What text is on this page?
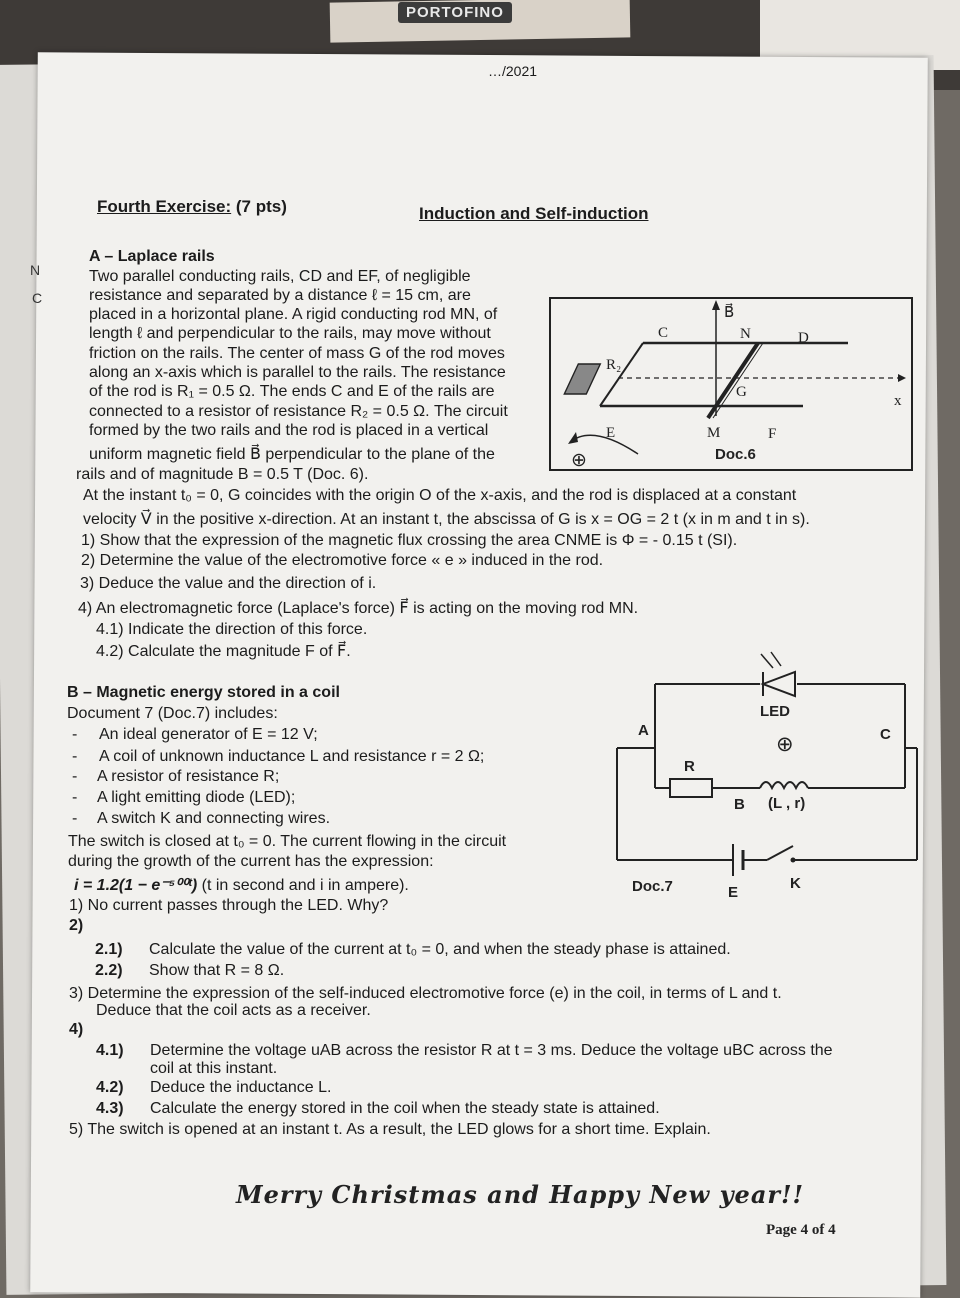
PORTOFINO
…/2021
N
C
Fourth Exercise: (7 pts)	Induction and Self-induction
A – Laplace rails
Two parallel conducting rails, CD and EF, of negligible
resistance and separated by a distance ℓ = 15 cm, are
placed in a horizontal plane. A rigid conducting rod MN, of
length ℓ and perpendicular to the rails, may move without
friction on the rails. The center of mass G of the rod moves
along an x-axis which is parallel to the rails. The resistance
of the rod is R₁ = 0.5 Ω. The ends C and E of the rails are
connected to a resistor of resistance R₂ = 0.5 Ω. The circuit
formed by the two rails and the rod is placed in a vertical
uniform magnetic field B⃗ perpendicular to the plane of the
rails and of magnitude B = 0.5 T (Doc. 6).
At the instant t₀ = 0, G coincides with the origin O of the x-axis, and the rod is displaced at a constant
velocity V⃗ in the positive x-direction. At an instant t, the abscissa of G is x = OG = 2 t (x in m and t in s).
1) Show that the expression of the magnetic flux crossing the area CNME is Φ = - 0.15 t (SI).
2) Determine the value of the electromotive force « e » induced in the rod.
3) Deduce the value and the direction of i.
4) An electromagnetic force (Laplace's force) F⃗ is acting on the moving rod MN.
4.1) Indicate the direction of this force.
4.2) Calculate the magnitude F of F⃗.
C
B⃗
N	D
R₂
G
x
E	M	F
⊕	Doc.6
B – Magnetic energy stored in a coil
Document 7 (Doc.7) includes:
- An ideal generator of E = 12 V;
- A coil of unknown inductance L and resistance r = 2 Ω;
- A resistor of resistance R;
- A light emitting diode (LED);
- A switch K and connecting wires.
The switch is closed at t₀ = 0. The current flowing in the circuit
during the growth of the current has the expression:
i = 1.2(1 − e⁻⁵⁰⁰ᵗ) (t in second and i in ampere).
1) No current passes through the LED. Why?
2)
2.1) Calculate the value of the current at t₀ = 0, and when the steady phase is attained.
2.2) Show that R = 8 Ω.
3) Determine the expression of the self-induced electromotive force (e) in the coil, in terms of L and t.
Deduce that the coil acts as a receiver.
4)
4.1) Determine the voltage uAB across the resistor R at t = 3 ms. Deduce the voltage uBC across the
coil at this instant.
4.2) Deduce the inductance L.
4.3) Calculate the energy stored in the coil when the steady state is attained.
5) The switch is opened at an instant t. As a result, the LED glows for a short time. Explain.
LED
A	C
⊕
R
B (L , r)
Doc.7	E
K
Merry Christmas and Happy New year!!
Page 4 of 4
